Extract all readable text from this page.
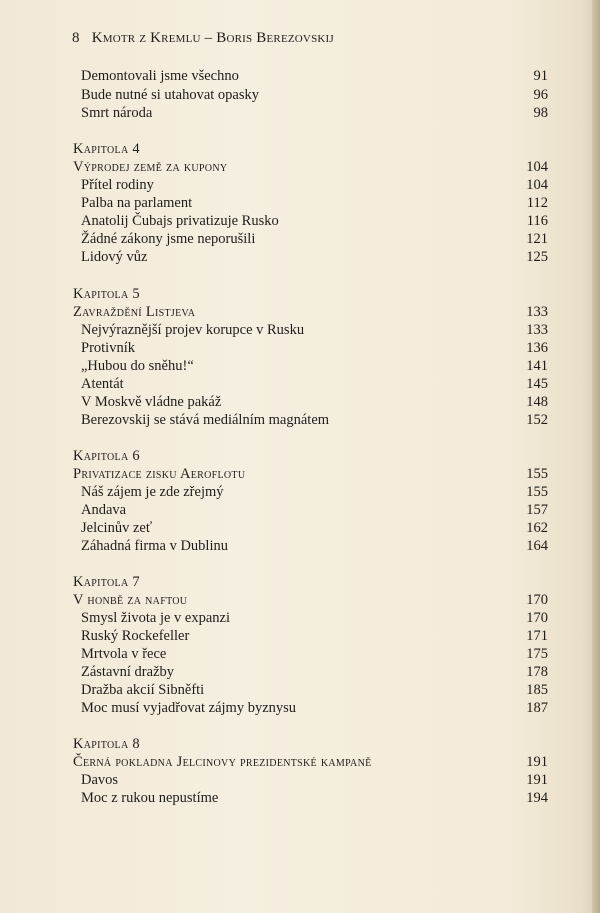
8 Kmotr z Kremlu – Boris Berezovskij
Demontovali jsme všechno	91
Bude nutné si utahovat opasky	96
Smrt národa	98
Kapitola 4
Výprodej země za kupony	104
Přítel rodiny	104
Palba na parlament	112
Anatolij Čubajs privatizuje Rusko	116
Žádné zákony jsme neporušili	121
Lidový vůz	125
Kapitola 5
Zavraždění Listjeva	133
Nejvýraznější projev korupce v Rusku	133
Protivník	136
„Hubou do sněhu!“	141
Atentát	145
V Moskvě vládne pakáž	148
Berezovskij se stává mediálním magnátem	152
Kapitola 6
Privatizace zisku Aeroflotu	155
Náš zájem je zde zřejmý	155
Andava	157
Jelcinův zeť	162
Záhadná firma v Dublinu	164
Kapitola 7
V honbě za naftou	170
Smysl života je v expanzi	170
Ruský Rockefeller	171
Mrtvola v řece	175
Zástavní dražby	178
Dražba akcií Sibněfti	185
Moc musí vyjadřovat zájmy byznysu	187
Kapitola 8
Černá pokladna Jelcinovy prezidentské kampaně	191
Davos	191
Moc z rukou nepustíme	194
